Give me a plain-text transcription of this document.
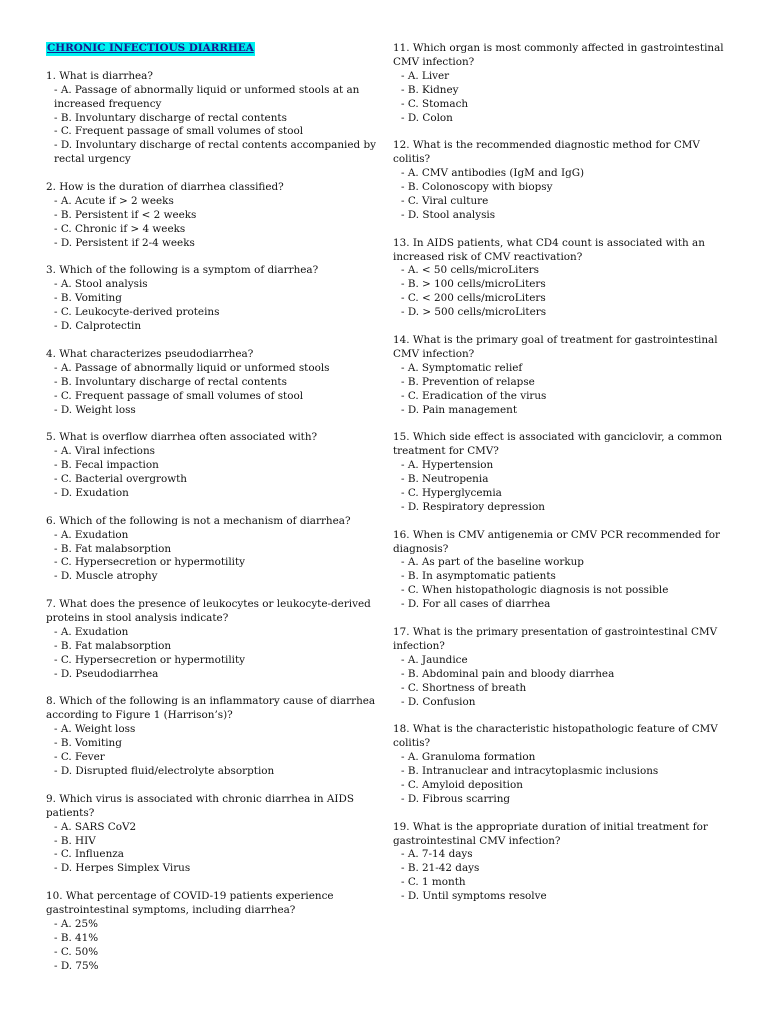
CHRONIC INFECTIOUS DIARRHEA

1. What is diarrhea?

- A. Passage of abnormally liquid or unformed stools at an increased frequency
- B. Involuntary discharge of rectal contents
- C. Frequent passage of small volumes of stool
- D. Involuntary discharge of rectal contents accompanied by rectal urgency

2. How is the duration of diarrhea classified?

- A. Acute if > 2 weeks
- B. Persistent if < 2 weeks
- C. Chronic if > 4 weeks
- D. Persistent if 2-4 weeks

3. Which of the following is a symptom of diarrhea?

- A. Stool analysis
- B. Vomiting
- C. Leukocyte-derived proteins
- D. Calprotectin

4. What characterizes pseudodiarrhea?

- A. Passage of abnormally liquid or unformed stools
- B. Involuntary discharge of rectal contents
- C. Frequent passage of small volumes of stool
- D. Weight loss

5. What is overflow diarrhea often associated with?

- A. Viral infections
- B. Fecal impaction
- C. Bacterial overgrowth
- D. Exudation

6. Which of the following is not a mechanism of diarrhea?

- A. Exudation
- B. Fat malabsorption
- C. Hypersecretion or hypermotility
- D. Muscle atrophy

7. What does the presence of leukocytes or leukocyte-derived proteins in stool analysis indicate?

- A. Exudation
- B. Fat malabsorption
- C. Hypersecretion or hypermotility
- D. Pseudodiarrhea

8. Which of the following is an inflammatory cause of diarrhea according to Figure 1 (Harrison’s)?

- A. Weight loss
- B. Vomiting
- C. Fever
- D. Disrupted fluid/electrolyte absorption

9. Which virus is associated with chronic diarrhea in AIDS patients?

- A. SARS CoV2
- B. HIV
- C. Influenza
- D. Herpes Simplex Virus

10. What percentage of COVID-19 patients experience gastrointestinal symptoms, including diarrhea?

- A. 25%
- B. 41%
- C. 50%
- D. 75%

11. Which organ is most commonly affected in gastrointestinal CMV infection?

- A. Liver
- B. Kidney
- C. Stomach
- D. Colon

12. What is the recommended diagnostic method for CMV colitis?

- A. CMV antibodies (IgM and IgG)
- B. Colonoscopy with biopsy
- C. Viral culture
- D. Stool analysis

13. In AIDS patients, what CD4 count is associated with an increased risk of CMV reactivation?

- A. < 50 cells/microLiters
- B. > 100 cells/microLiters
- C. < 200 cells/microLiters
- D. > 500 cells/microLiters

14. What is the primary goal of treatment for gastrointestinal CMV infection?

- A. Symptomatic relief
- B. Prevention of relapse
- C. Eradication of the virus
- D. Pain management

15. Which side effect is associated with ganciclovir, a common treatment for CMV?

- A. Hypertension
- B. Neutropenia
- C. Hyperglycemia
- D. Respiratory depression

16. When is CMV antigenemia or CMV PCR recommended for diagnosis?

- A. As part of the baseline workup
- B. In asymptomatic patients
- C. When histopathologic diagnosis is not possible
- D. For all cases of diarrhea

17. What is the primary presentation of gastrointestinal CMV infection?

- A. Jaundice
- B. Abdominal pain and bloody diarrhea
- C. Shortness of breath
- D. Confusion

18. What is the characteristic histopathologic feature of CMV colitis?

- A. Granuloma formation
- B. Intranuclear and intracytoplasmic inclusions
- C. Amyloid deposition
- D. Fibrous scarring

19. What is the appropriate duration of initial treatment for gastrointestinal CMV infection?

- A. 7-14 days
- B. 21-42 days
- C. 1 month
- D. Until symptoms resolve
